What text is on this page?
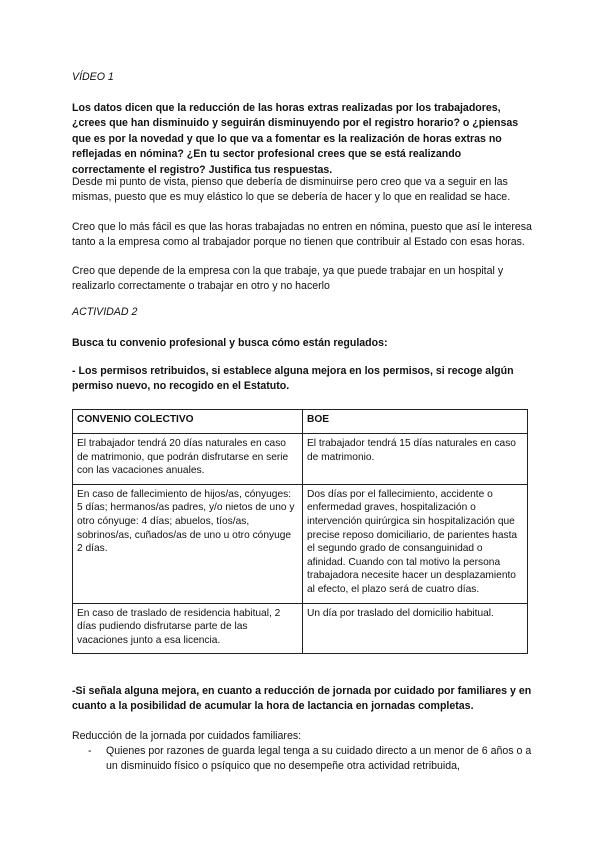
VÍDEO 1

Los datos dicen que la reducción de las horas extras realizadas por los trabajadores, ¿crees que han disminuido y seguirán disminuyendo por el registro horario? o ¿piensas que es por la novedad y que lo que va a fomentar es la realización de horas extras no reflejadas en nómina? ¿En tu sector profesional crees que se está realizando correctamente el registro? Justifica tus respuestas.

Desde mi punto de vista, pienso que debería de disminuirse pero creo que va a seguir en las mismas, puesto que es muy elástico lo que se debería de hacer y lo que en realidad se hace.

Creo que lo más fácil es que las horas trabajadas no entren en nómina, puesto que así le interesa tanto a la empresa como al trabajador porque no tienen que contribuir al Estado con esas horas.

Creo que depende de la empresa con la que trabaje, ya que puede trabajar en un hospital y realizarlo correctamente o trabajar en otro y no hacerlo

ACTIVIDAD 2

Busca tu convenio profesional y busca cómo están regulados:

- Los permisos retribuidos, si establece alguna mejora en los permisos, si recoge algún permiso nuevo, no recogido en el Estatuto.

CONVENIO COLECTIVO	BOE
El trabajador tendrá 20 días naturales en caso de matrimonio, que podrán disfrutarse en serie con las vacaciones anuales.	El trabajador tendrá 15 días naturales en caso de matrimonio.
En caso de fallecimiento de hijos/as, cónyuges: 5 días; hermanos/as padres, y/o nietos de uno y otro cónyuge: 4 días; abuelos, tíos/as, sobrinos/as, cuñados/as de uno u otro cónyuge 2 días.	Dos días por el fallecimiento, accidente o enfermedad graves, hospitalización o intervención quirúrgica sin hospitalización que precise reposo domiciliario, de parientes hasta el segundo grado de consanguinidad o afinidad. Cuando con tal motivo la persona trabajadora necesite hacer un desplazamiento al efecto, el plazo será de cuatro días.
En caso de traslado de residencia habitual, 2 días pudiendo disfrutarse parte de las vacaciones junto a esa licencia.	Un día por traslado del domicilio habitual.

-Si señala alguna mejora, en cuanto a reducción de jornada por cuidado por familiares y en cuanto a la posibilidad de acumular la hora de lactancia en jornadas completas.

Reducción de la jornada por cuidados familiares:

-	Quienes por razones de guarda legal tenga a su cuidado directo a un menor de 6 años o a un disminuido físico o psíquico que no desempeñe otra actividad retribuida,
